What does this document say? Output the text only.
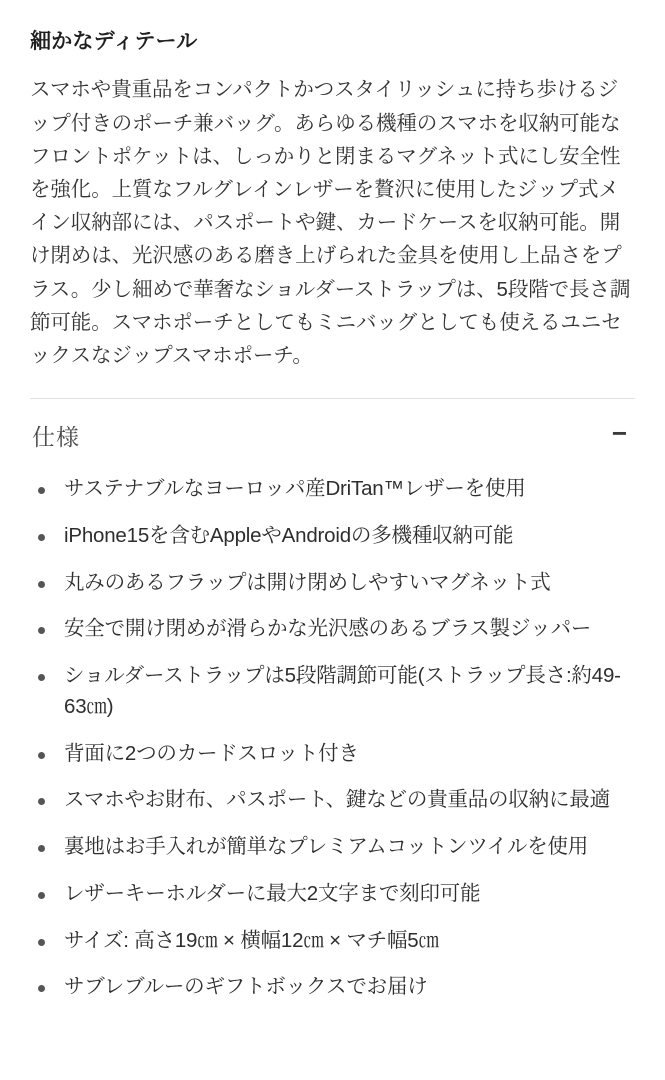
細かなディテール

スマホや貴重品をコンパクトかつスタイリッシュに持ち歩けるジップ付きのポーチ兼バッグ。あらゆる機種のスマホを収納可能なフロントポケットは、しっかりと閉まるマグネット式にし安全性を強化。上質なフルグレインレザーを贅沢に使用したジップ式メイン収納部には、パスポートや鍵、カードケースを収納可能。開け閉めは、光沢感のある磨き上げられた金具を使用し上品さをプラス。少し細めで華奢なショルダーストラップは、5段階で長さ調節可能。スマホポーチとしてもミニバッグとしても使えるユニセックスなジップスマホポーチ。

仕様	−
サステナブルなヨーロッパ産DriTan™レザーを使用
iPhone15を含むAppleやAndroidの多機種収納可能
丸みのあるフラップは開け閉めしやすいマグネット式
安全で開け閉めが滑らかな光沢感のあるブラス製ジッパー
ショルダーストラップは5段階調節可能(ストラップ長さ:約49-63㎝)
背面に2つのカードスロット付き
スマホやお財布、パスポート、鍵などの貴重品の収納に最適
裏地はお手入れが簡単なプレミアムコットンツイルを使用
レザーキーホルダーに最大2文字まで刻印可能
サイズ: 高さ19㎝ × 横幅12㎝ × マチ幅5㎝
サブレブルーのギフトボックスでお届け
